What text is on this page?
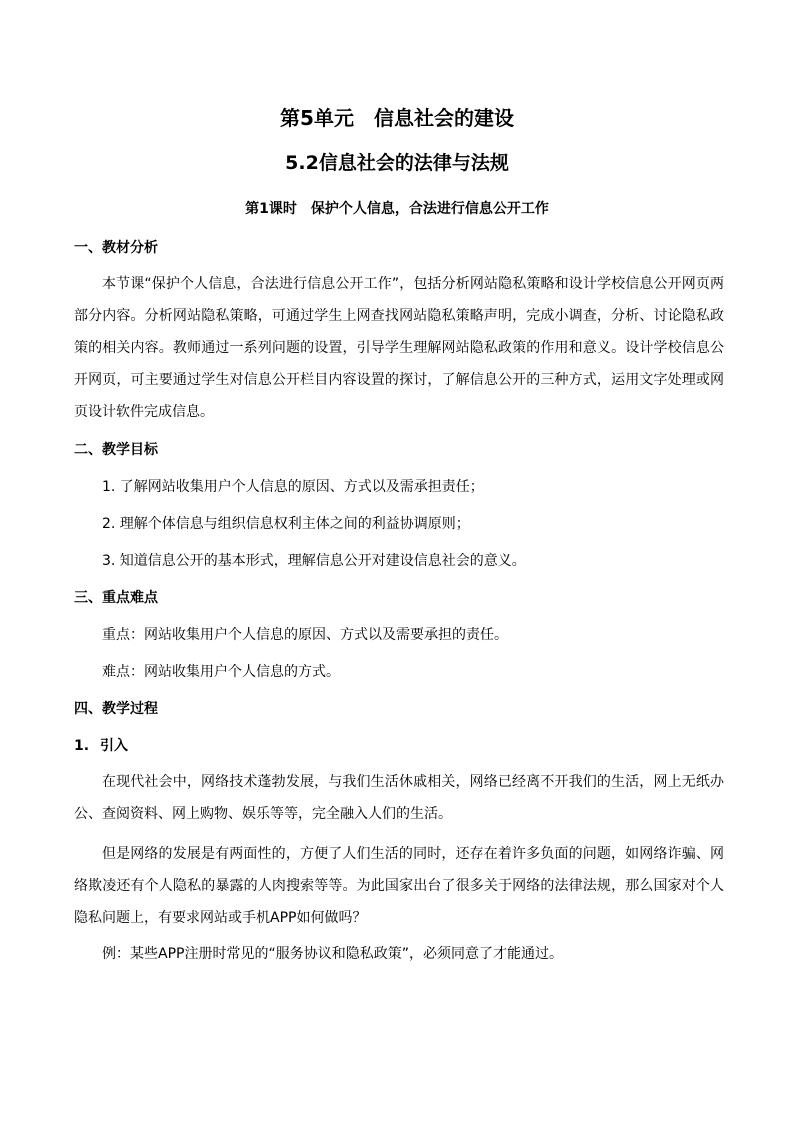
第5单元　信息社会的建设
5.2信息社会的法律与法规
第1课时　保护个人信息，合法进行信息公开工作
一、教材分析
本节课“保护个人信息，合法进行信息公开工作”，包括分析网站隐私策略和设计学校信息公开网页两部分内容。分析网站隐私策略，可通过学生上网查找网站隐私策略声明，完成小调查，分析、讨论隐私政策的相关内容。教师通过一系列问题的设置，引导学生理解网站隐私政策的作用和意义。设计学校信息公开网页，可主要通过学生对信息公开栏目内容设置的探讨，了解信息公开的三种方式，运用文字处理或网页设计软件完成信息。
二、教学目标
1. 了解网站收集用户个人信息的原因、方式以及需承担责任；
2. 理解个体信息与组织信息权利主体之间的利益协调原则；
3. 知道信息公开的基本形式，理解信息公开对建设信息社会的意义。
三、重点难点
重点：网站收集用户个人信息的原因、方式以及需要承担的责任。
难点：网站收集用户个人信息的方式。
四、教学过程
1. 引入
在现代社会中，网络技术蓬勃发展，与我们生活休戚相关，网络已经离不开我们的生活，网上无纸办公、查阅资料、网上购物、娱乐等等，完全融入人们的生活。
但是网络的发展是有两面性的，方便了人们生活的同时，还存在着许多负面的问题，如网络诈骗、网络欺凌还有个人隐私的暴露的人肉搜索等等。为此国家出台了很多关于网络的法律法规，那么国家对个人隐私问题上，有要求网站或手机APP如何做吗？
例：某些APP注册时常见的“服务协议和隐私政策”，必须同意了才能通过。
